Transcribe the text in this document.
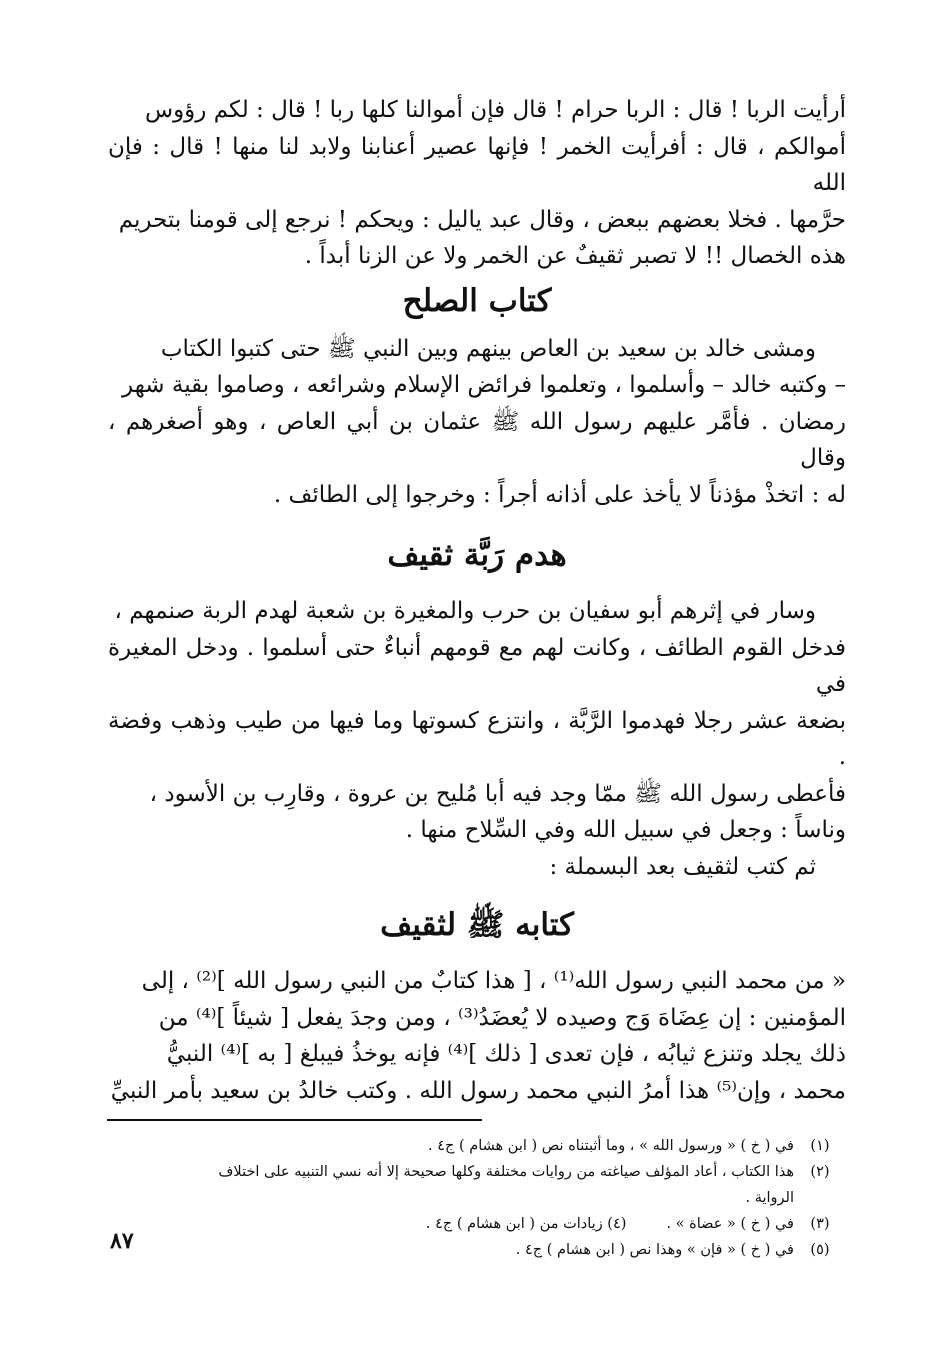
أرأيت الربا ! قال : الربا حرام ! قال فإن أموالنا كلها ربا ! قال : لكم رؤوس
أموالكم ، قال : أفرأيت الخمر ! فإنها عصير أعنابنا ولابد لنا منها ! قال : فإن الله
حرَّمها . فخلا بعضهم ببعض ، وقال عبد ياليل : ويحكم ! نرجع إلى قومنا بتحريم
هذه الخصال !! لا تصبر ثقيفٌ عن الخمر ولا عن الزنا أبداً .

كتاب الصلح

ومشى خالد بن سعيد بن العاص بينهم وبين النبي ﷺ حتى كتبوا الكتاب
– وكتبه خالد – وأسلموا ، وتعلموا فرائض الإسلام وشرائعه ، وصاموا بقية شهر
رمضان . فأمَّر عليهم رسول الله ﷺ عثمان بن أبي العاص ، وهو أصغرهم ، وقال
له : اتخذْ مؤذناً لا يأخذ على أذانه أجراً : وخرجوا إلى الطائف .

هدم رَبَّة ثقيف

وسار في إثرهم أبو سفيان بن حرب والمغيرة بن شعبة لهدم الربة صنمهم ،
فدخل القوم الطائف ، وكانت لهم مع قومهم أنباءٌ حتى أسلموا . ودخل المغيرة في
بضعة عشر رجلا فهدموا الرَّبَّة ، وانتزع كسوتها وما فيها من طيب وذهب وفضة .
فأعطى رسول الله ﷺ ممّا وجد فيه أبا مُليح بن عروة ، وقارِب بن الأسود ،
وناساً : وجعل في سبيل الله وفي السِّلاح منها .

ثم كتب لثقيف بعد البسملة :

كتابه ﷺ لثقيف

« من محمد النبي رسول الله⁽¹⁾ ، [ هذا كتابٌ من النبي رسول الله ]⁽²⁾ ، إلى
المؤمنين : إن عِضَاهَ وَج وصيده لا يُعضَدُ⁽³⁾ ، ومن وجدَ يفعل [ شيئاً ]⁽⁴⁾ من
ذلك يجلد وتنزع ثيابُه ، فإن تعدى [ ذلك ]⁽⁴⁾ فإنه يوخذُ فيبلغ [ به ]⁽⁴⁾ النبيُّ
محمد ، وإن⁽⁵⁾ هذا أمرُ النبي محمد رسول الله . وكتب خالدُ بن سعيد بأمر النبيِّ

(١)
في ( خ ) « ورسول الله » ، وما أثبتناه نص ( ابن هشام ) ج٤ .
(٢)
هذا الكتاب ، أعاد المؤلف صياغته من روايات مختلفة وكلها صحيحة إلا أنه نسي التنبيه على اختلاف
الرواية .
(٣)
في ( خ ) « عضاة » .
(٤) زيادات من ( ابن هشام ) ج٤ .
(٥)
في ( خ ) « فإن » وهذا نص ( ابن هشام ) ج٤ .
٨٧
